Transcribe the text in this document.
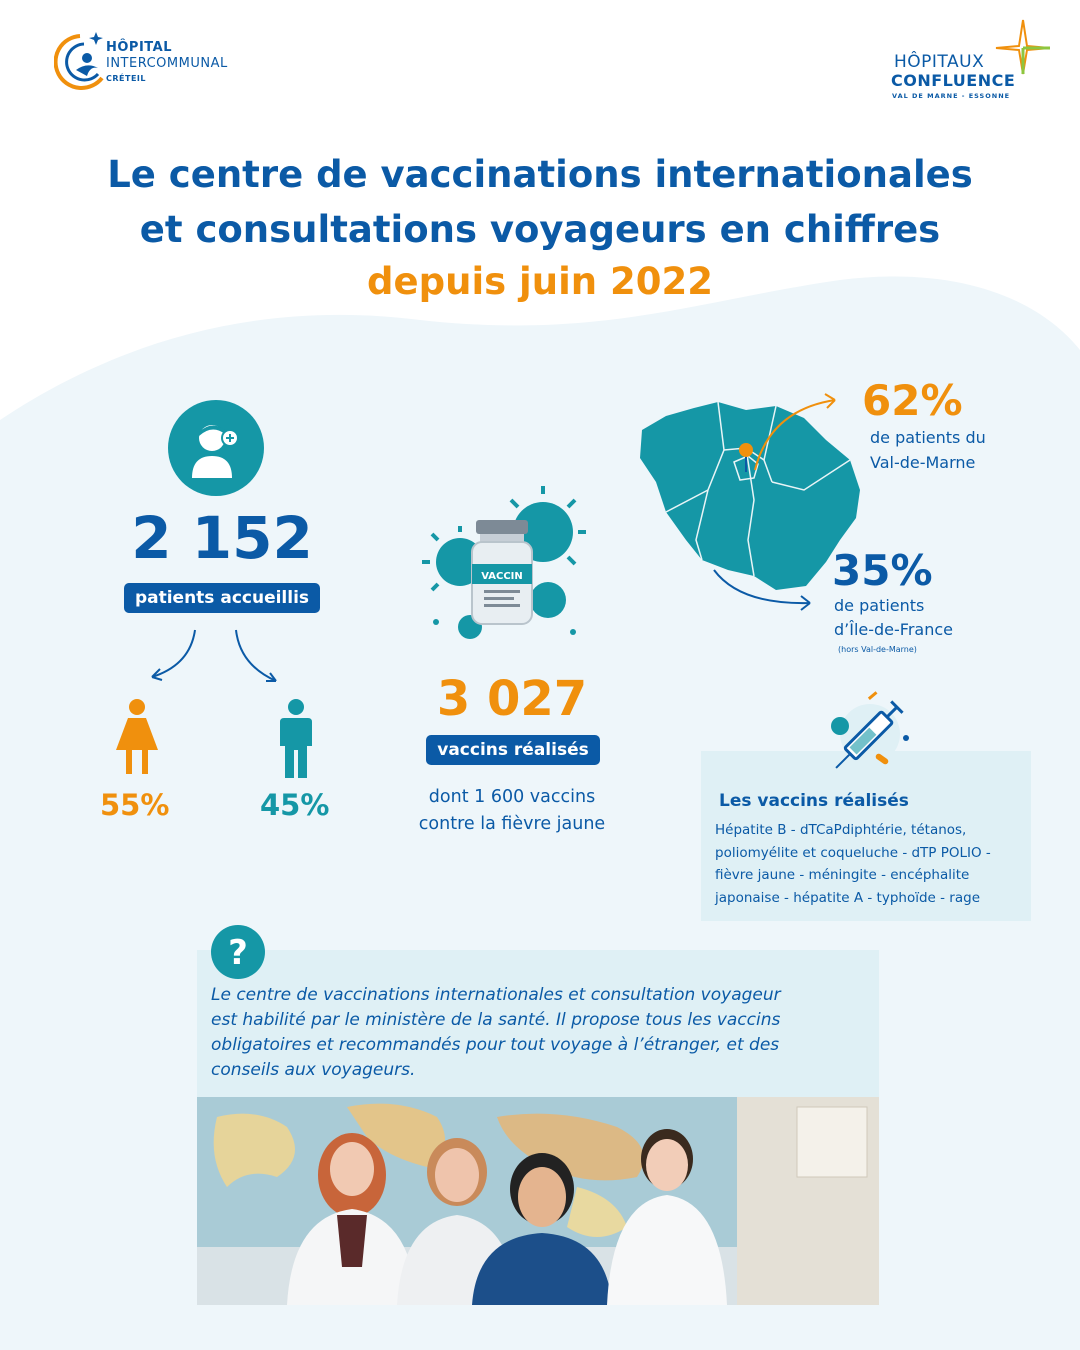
HÔPITAL
INTERCOMMUNAL
CRÉTEIL
HÔPITAUX
CONFLUENCE
VAL DE MARNE - ESSONNE
Le centre de vaccinations internationales
et consultations voyageurs en chiffres
depuis juin 2022
2 152
patients accueillis
55%	45%
VACCIN
3 027
vaccins réalisés
dont 1 600 vaccins
contre la fièvre jaune
62%
de patients du
Val-de-Marne
35%
de patients
d’Île-de-France
(hors Val-de-Marne)
Les vaccins réalisés
Hépatite B - dTCaPdiphtérie, tétanos,
poliomyélite et coqueluche - dTP POLIO -
fièvre jaune - méningite - encéphalite
japonaise - hépatite A - typhoïde - rage
?
Le centre de vaccinations internationales et consultation voyageur
est habilité par le ministère de la santé. Il propose tous les vaccins
obligatoires et recommandés pour tout voyage à l’étranger, et des
conseils aux voyageurs.
